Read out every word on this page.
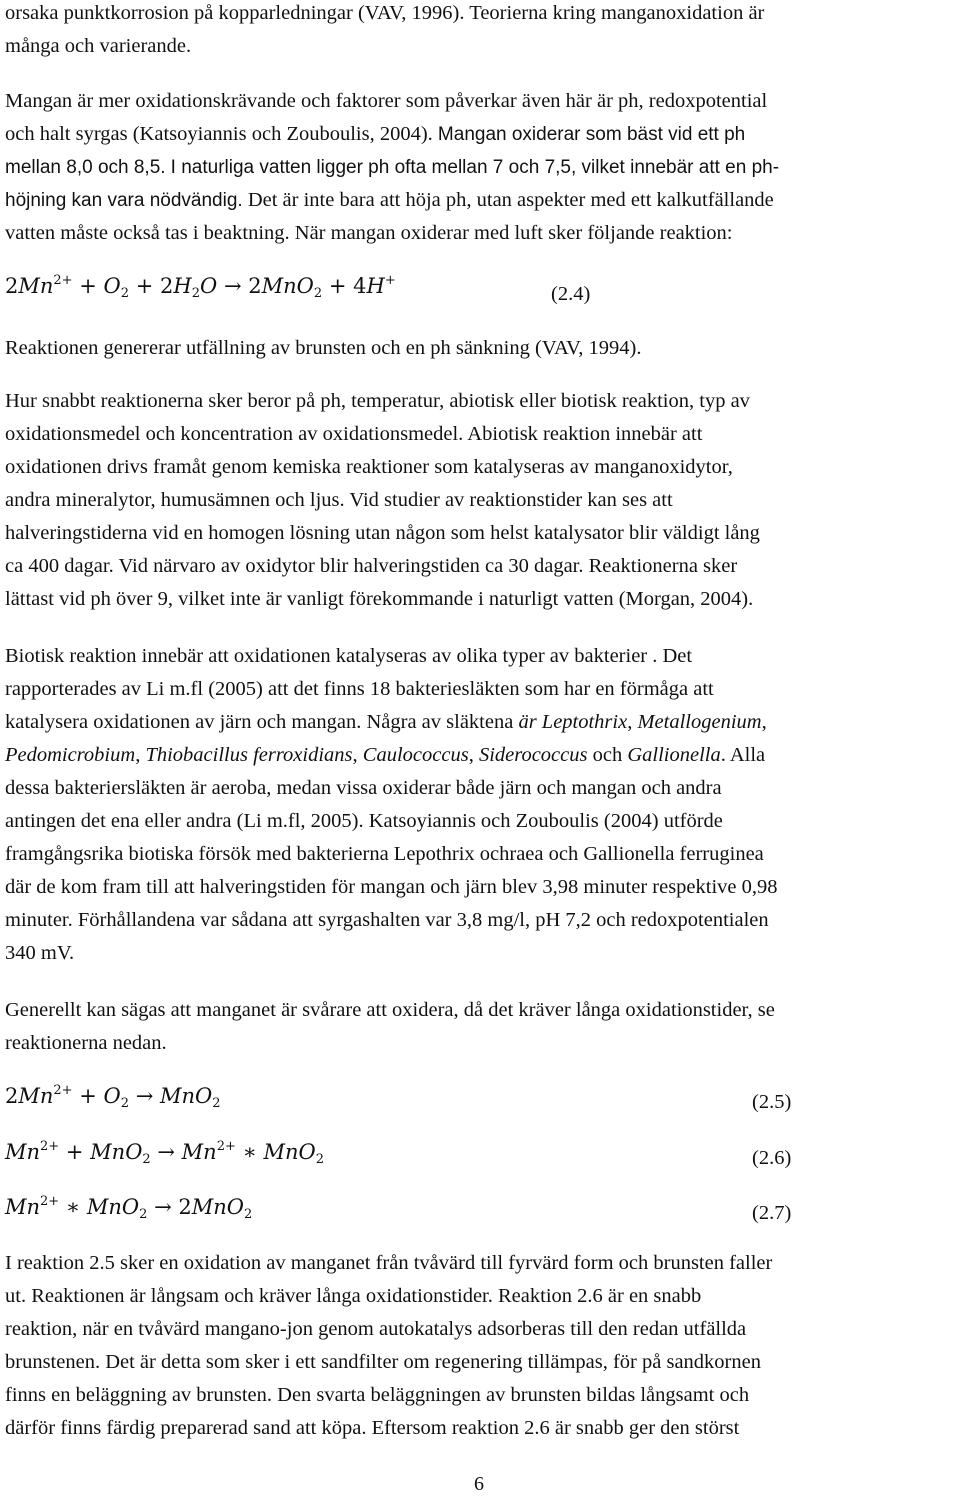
orsaka punktkorrosion på kopparledningar (VAV, 1996). Teorierna kring manganoxidation är
många och varierande.
Mangan är mer oxidationskrävande och faktorer som påverkar även här är ph, redoxpotential
och halt syrgas (Katsoyiannis och Zouboulis, 2004). Mangan oxiderar som bäst vid ett ph
mellan 8,0 och 8,5. I naturliga vatten ligger ph ofta mellan 7 och 7,5, vilket innebär att en ph-
höjning kan vara nödvändig. Det är inte bara att höja ph, utan aspekter med ett kalkutfällande
vatten måste också tas i beaktning. När mangan oxiderar med luft sker följande reaktion:
$2Mn^{2+} + O_2 + 2H_2O \to 2MnO_2 + 4H^+$
(2.4)
Reaktionen genererar utfällning av brunsten och en ph sänkning (VAV, 1994).
Hur snabbt reaktionerna sker beror på ph, temperatur, abiotisk eller biotisk reaktion, typ av
oxidationsmedel och koncentration av oxidationsmedel. Abiotisk reaktion innebär att
oxidationen drivs framåt genom kemiska reaktioner som katalyseras av manganoxidytor,
andra mineralytor, humusämnen och ljus. Vid studier av reaktionstider kan ses att
halveringstiderna vid en homogen lösning utan någon som helst katalysator blir väldigt lång
ca 400 dagar. Vid närvaro av oxidytor blir halveringstiden ca 30 dagar. Reaktionerna sker
lättast vid ph över 9, vilket inte är vanligt förekommande i naturligt vatten (Morgan, 2004).
Biotisk reaktion innebär att oxidationen katalyseras av olika typer av bakterier . Det
rapporterades av Li m.fl (2005) att det finns 18 bakteriesläkten som har en förmåga att
katalysera oxidationen av järn och mangan. Några av släktena är Leptothrix, Metallogenium,
Pedomicrobium, Thiobacillus ferroxidians, Caulococcus, Siderococcus och Gallionella. Alla
dessa bakteriersläkten är aeroba, medan vissa oxiderar både järn och mangan och andra
antingen det ena eller andra (Li m.fl, 2005). Katsoyiannis och Zouboulis (2004) utförde
framgångsrika biotiska försök med bakterierna Lepothrix ochraea och Gallionella ferruginea
där de kom fram till att halveringstiden för mangan och järn blev 3,98 minuter respektive 0,98
minuter. Förhållandena var sådana att syrgashalten var 3,8 mg/l, pH 7,2 och redoxpotentialen
340 mV.
Generellt kan sägas att manganet är svårare att oxidera, då det kräver långa oxidationstider, se
reaktionerna nedan.
$2Mn^{2+} + O_2 \to MnO_2$	(2.5)
$Mn^{2+} + MnO_2 \to Mn^{2+}$ ∗ MnO$_2$	(2.6)
$Mn^{2+}$ ∗ MnO$_2$ → 2MnO$_2$	(2.7)
I reaktion 2.5 sker en oxidation av manganet från tvåvärd till fyrvärd form och brunsten faller
ut. Reaktionen är långsam och kräver långa oxidationstider. Reaktion 2.6 är en snabb
reaktion, när en tvåvärd mangano-jon genom autokatalys adsorberas till den redan utfällda
brunstenen. Det är detta som sker i ett sandfilter om regenering tillämpas, för på sandkornen
finns en beläggning av brunsten. Den svarta beläggningen av brunsten bildas långsamt och
därför finns färdig preparerad sand att köpa. Eftersom reaktion 2.6 är snabb ger den störst
6
